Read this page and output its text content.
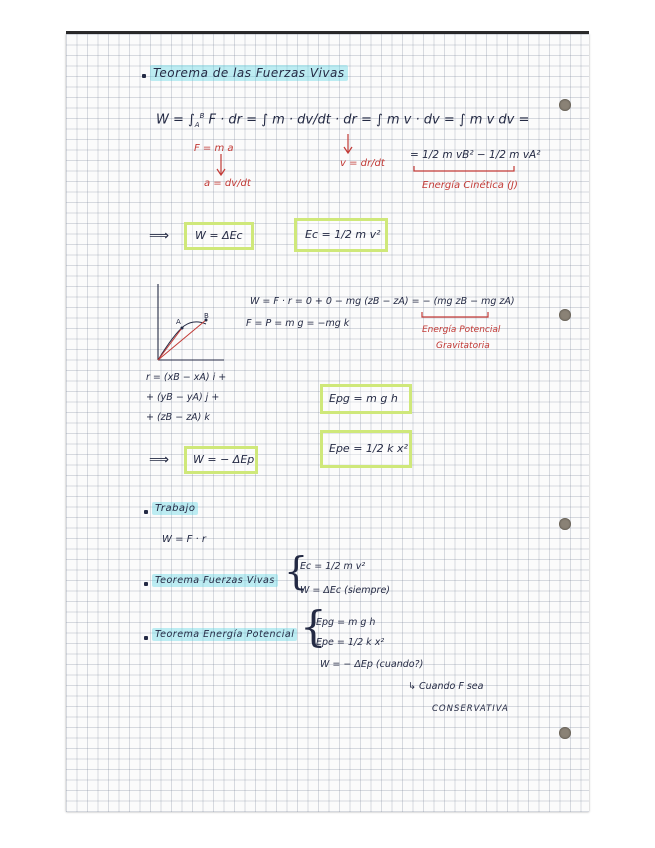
Teorema de las Fuerzas Vivas
$W = \int_A^B$ F · dr = ∫ m · dv/dt · dr = ∫ m v · dv = ∫ m v dv =
F = m a
a = dv/dt
v = dr/dt
= 1/2 m vB² − 1/2 m vA²
Energía Cinética (J)
⟹ W = ΔEc	Ec = 1/2 m v²
A
B
W = F · r = 0 + 0 − mg (zB − zA) = − (mg zB − mg zA)
F = P = m g = −mg k
Energía Potencial
Gravitatoria
r = (xB − xA) i +
+ (yB − yA) j +
+ (zB − zA) k
Epg = m g h
Epe = 1/2 k x²
⟹ W = − ΔEp
Trabajo
W = F · r
Teorema Fuerzas Vivas {
Ec = 1/2 m v²
W = ΔEc (siempre)
Teorema Energía Potencial {
Epg = m g h
Epe = 1/2 k x²
W = − ΔEp (cuando?)
↳ Cuando F sea
CONSERVATIVA
